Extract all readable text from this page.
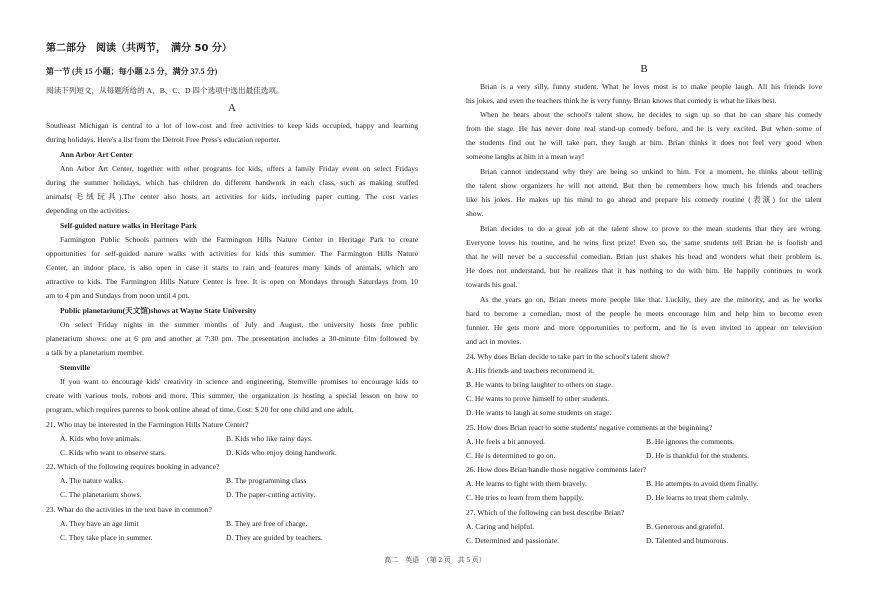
第二部分　阅读（共两节，　满分 50 分）
第一节 (共 15 小题；每小题 2.5 分，满分 37.5 分)
阅读下列短文，从每题所给的 A、B、C、D 四个选项中选出最佳选项。
A
Southeast Michigan is central to a lot of low-cost and free activities to keep kids occupied, happy and learning
during holidays. Here's a list from the Detroit Free Press's education reporter.
Ann Arbor Art Center
Ann Arbor Art Center, together with other programs for kids, offers a family Friday event on select Fridays
during the summer holidays, which has children do different handwork in each class, such as making stuffed
animals(毛绒玩具).The center also hosts art activities for kids, including paper cutting. The cost varies
depending on the activities.
Self-guided nature walks in Heritage Park
Farmington Public Schools partners with the Farmington Hills Nature Center in Heritage Park to create
opportunities for self-guided nature walks with activities for kids this summer. The Farmington Hills Nature
Center, an indoor place, is also open in case it starts to rain and features many kinds of animals, which are
attractive to kids. The Farmington Hills Nature Center is free. It is open on Mondays through Saturdays from 10
am to 4 pm and Sundays from noon until 4 pm.
Public planetarium(天文馆)shows at Wayne State University
On select Friday nights in the summer months of July and August, the university hosts free public
planetarium shows: one at 6 pm and another at 7:30 pm. The presentation includes a 30-minute film followed by
a talk by a planetarium member.
Stemville
If you want to encourage kids' creativity in science and engineering, Stemville promises to encourage kids to
create with various tools, robots and more. This summer, the organization is hosting a special lesson on how to
program, which requires parents to book online ahead of time. Cost: $ 20 for one child and one adult.
21. Who may be interested in the Farmington Hills Nature Center?
A. Kids who love animals.	B. Kids who like rainy days.
C. Kids who want to observe stars.	D. Kids who enjoy doing handwork.
22. Which of the following requires booking in advance?
A. The nature walks.	B. The programming class
C. The planetarium shows.	D. The paper-cutting activity.
23. What do the activities in the text have in common?
A. They have an age limit	B. They are free of charge.
C. They take place in summer.	D. They are guided by teachers.
B
Brian is a very silly, funny student. What he loves most is to make people laugh. All his friends love
his jokes, and even the teachers think he is very funny. Brian knows that comedy is what he likes best.
When he hears about the school's talent show, he decides to sign up so that he can share his comedy
from the stage. He has never done real stand-up comedy before, and he is very excited. But when some of
the students find out he will take part, they laugh at him. Brian thinks it does not feel very good when
someone laughs at him in a mean way!
Brian cannot understand why they are being so unkind to him. For a moment, he thinks about telling
the talent show organizers he will not attend. But then he remembers how much his friends and teachers
like his jokes. He makes up his mind to go ahead and prepare his comedy routine (表演) for the talent
show.
Brian decides to do a great job at the talent show to prove to the mean students that they are wrong.
Everyone loves his routine, and he wins first prize! Even so, the same students tell Brian he is foolish and
that he will never be a successful comedian. Brian just shakes his head and wonders what their problem is.
He does not understand, but he realizes that it has nothing to do with him. He happily continues to work
towards his goal.
As the years go on, Brian meets more people like that. Luckily, they are the minority, and as he works
hard to become a comedian, most of the people he meets encourage him and help him to become even
funnier. He gets more and more opportunities to perform, and he is even invited to appear on television
and act in movies.
24. Why does Brian decide to take part in the school's talent show?
A. His friends and teachers recommend it.
B. He wants to bring laughter to others on stage.
C. He wants to prove himself to other students.
D. He wants to laugh at some students on stage.
25. How does Brian react to some students' negative comments at the beginning?
A. He feels a bit annoyed.	B. He ignores the comments.
C. He is determined to go on.	D. He is thankful for the students.
26. How does Brian handle those negative comments later?
A. He learns to fight with them bravely.	B. He attempts to avoid them finally.
C. He tries to learn from them happily.	D. He learns to treat them calmly.
27. Which of the following can best describe Brian?
A. Caring and helpful.	B. Generous and grateful.
C. Determined and passionate.	D. Talented and humorous.
高二　英语　（第 2 页　共 5 页）
